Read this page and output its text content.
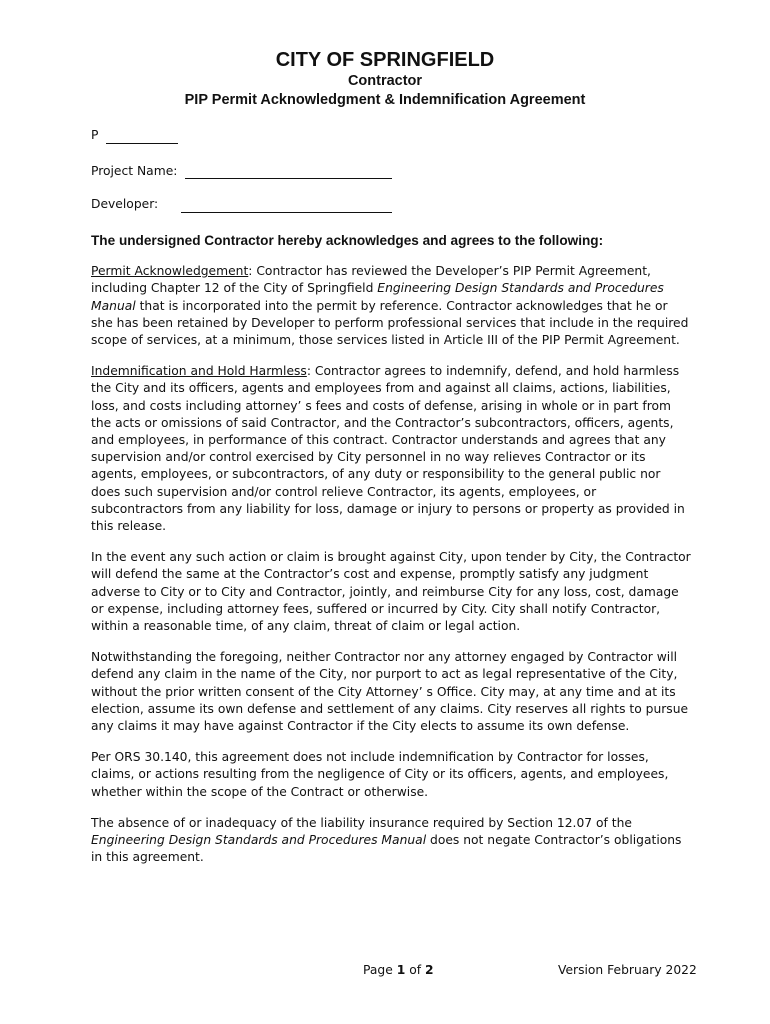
CITY OF SPRINGFIELD
Contractor
PIP Permit Acknowledgment & Indemnification Agreement
P
Project Name:
Developer:

The undersigned Contractor hereby acknowledges and agrees to the following:

Permit Acknowledgement: Contractor has reviewed the Developer’s PIP Permit Agreement, including Chapter 12 of the City of Springfield Engineering Design Standards and Procedures Manual that is incorporated into the permit by reference. Contractor acknowledges that he or she has been retained by Developer to perform professional services that include in the required scope of services, at a minimum, those services listed in Article III of the PIP Permit Agreement.

Indemnification and Hold Harmless: Contractor agrees to indemnify, defend, and hold harmless the City and its officers, agents and employees from and against all claims, actions, liabilities, loss, and costs including attorney’ s fees and costs of defense, arising in whole or in part from the acts or omissions of said Contractor, and the Contractor’s subcontractors, officers, agents, and employees, in performance of this contract. Contractor understands and agrees that any supervision and/or control exercised by City personnel in no way relieves Contractor or its agents, employees, or subcontractors, of any duty or responsibility to the general public nor does such supervision and/or control relieve Contractor, its agents, employees, or subcontractors from any liability for loss, damage or injury to persons or property as provided in this release.

In the event any such action or claim is brought against City, upon tender by City, the Contractor will defend the same at the Contractor’s cost and expense, promptly satisfy any judgment adverse to City or to City and Contractor, jointly, and reimburse City for any loss, cost, damage or expense, including attorney fees, suffered or incurred by City. City shall notify Contractor, within a reasonable time, of any claim, threat of claim or legal action.

Notwithstanding the foregoing, neither Contractor nor any attorney engaged by Contractor will defend any claim in the name of the City, nor purport to act as legal representative of the City, without the prior written consent of the City Attorney’ s Office. City may, at any time and at its election, assume its own defense and settlement of any claims. City reserves all rights to pursue any claims it may have against Contractor if the City elects to assume its own defense.

Per ORS 30.140, this agreement does not include indemnification by Contractor for losses, claims, or actions resulting from the negligence of City or its officers, agents, and employees, whether within the scope of the Contract or otherwise.

The absence of or inadequacy of the liability insurance required by Section 12.07 of the Engineering Design Standards and Procedures Manual does not negate Contractor’s obligations in this agreement.

Page 1 of 2	Version February 2022
